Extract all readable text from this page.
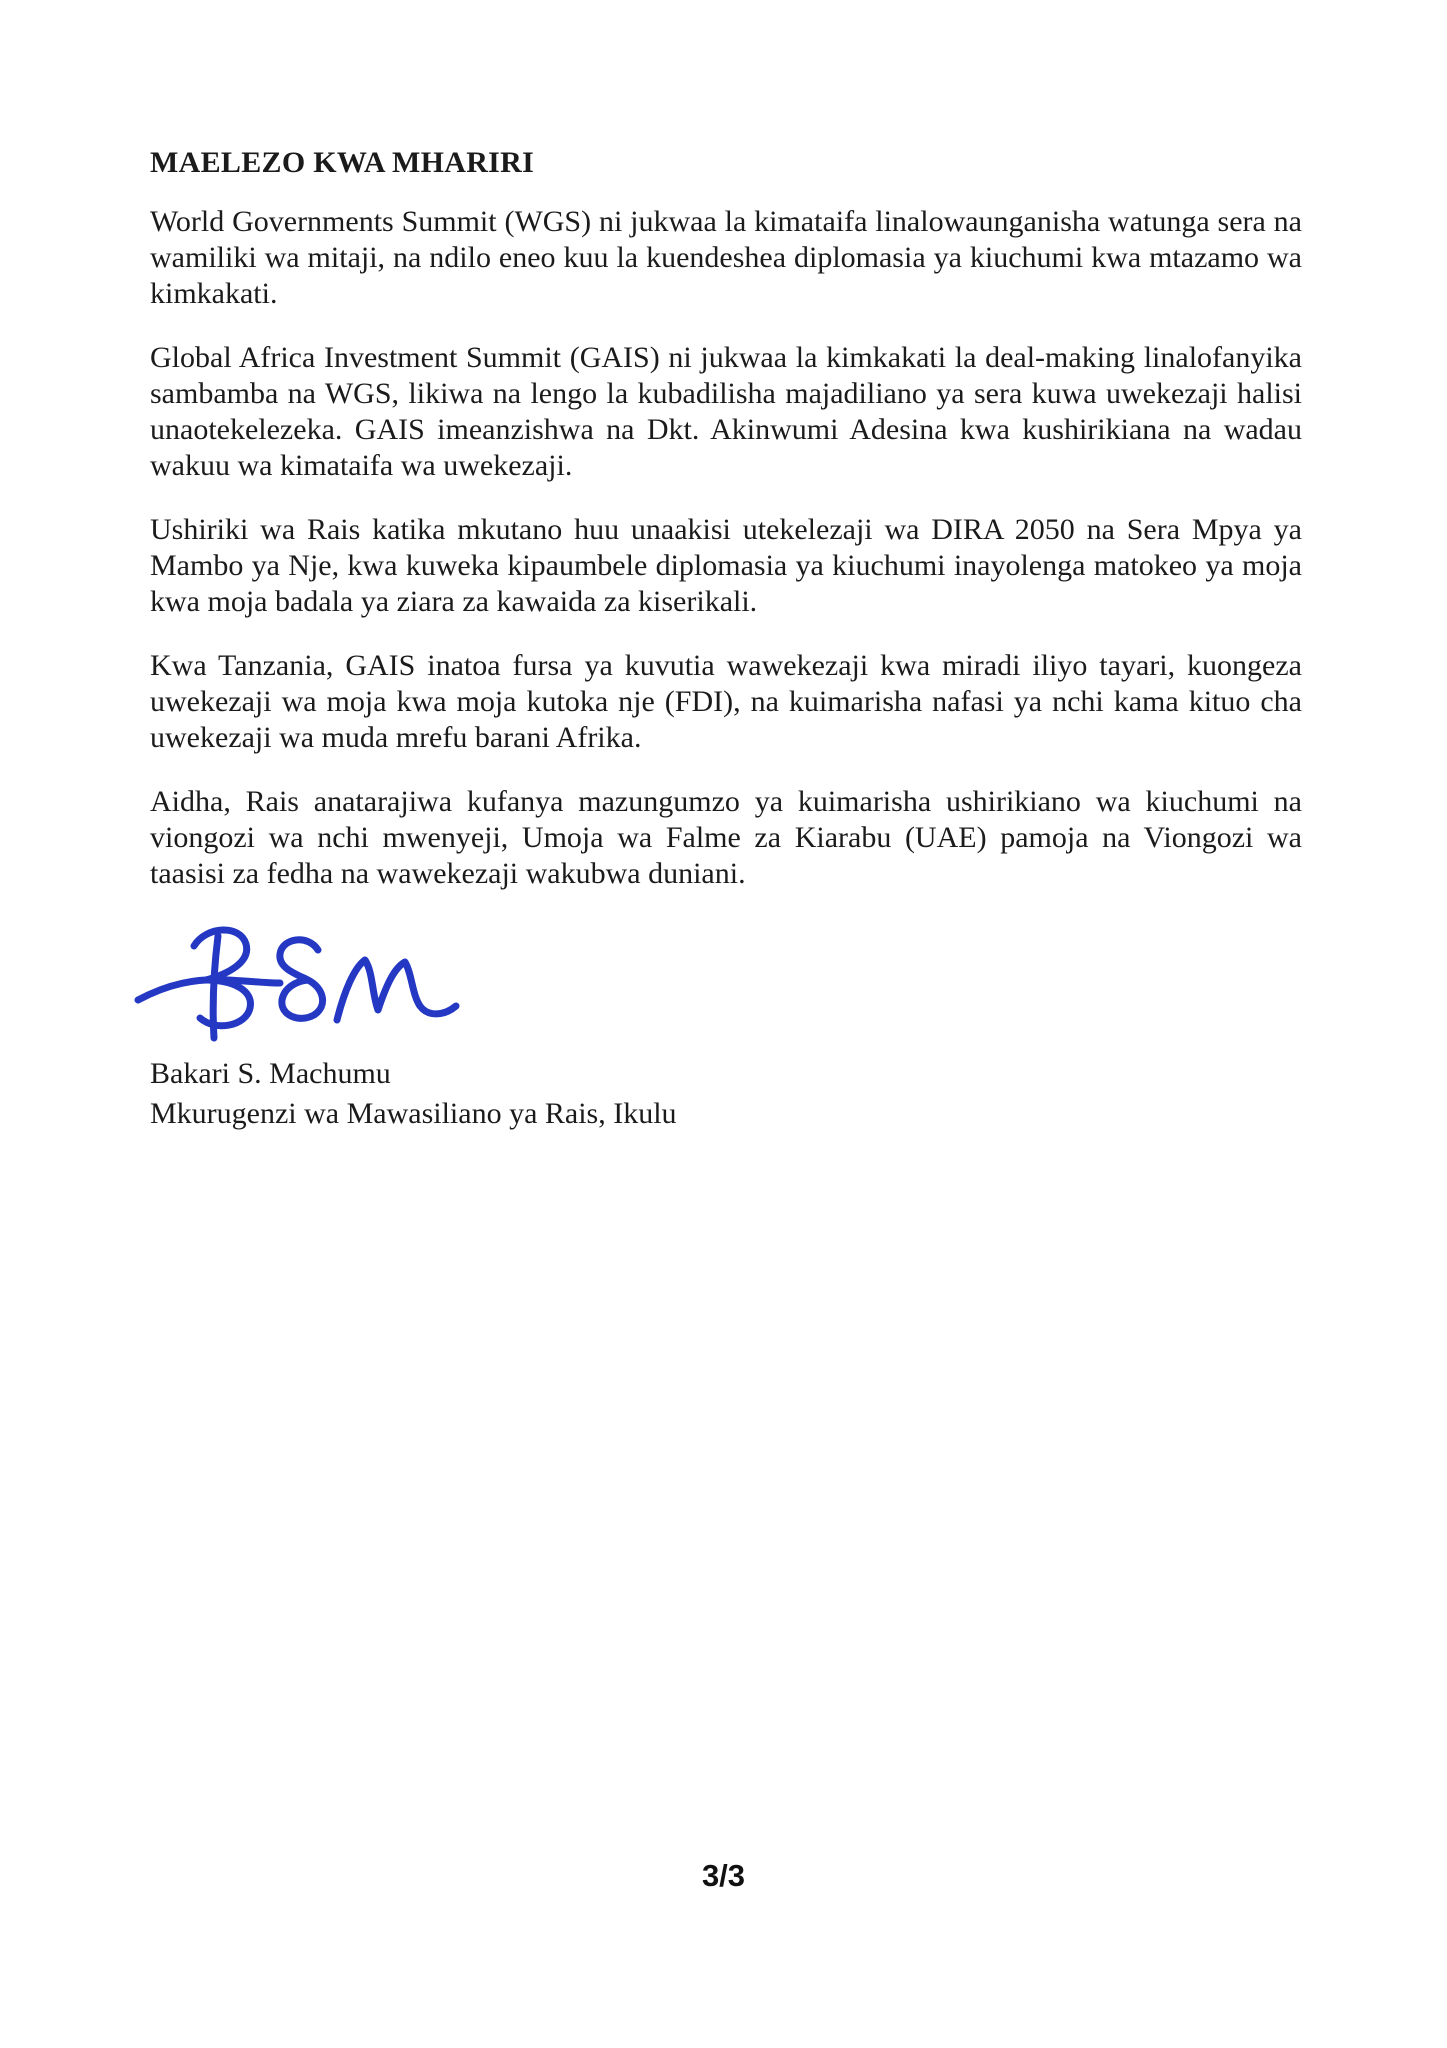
MAELEZO KWA MHARIRI

World Governments Summit (WGS) ni jukwaa la kimataifa linalowaunganisha watunga sera na wamiliki wa mitaji, na ndilo eneo kuu la kuendeshea diplomasia ya kiuchumi kwa mtazamo wa kimkakati.

Global Africa Investment Summit (GAIS) ni jukwaa la kimkakati la deal-making linalofanyika sambamba na WGS, likiwa na lengo la kubadilisha majadiliano ya sera kuwa uwekezaji halisi unaotekelezeka. GAIS imeanzishwa na Dkt. Akinwumi Adesina kwa kushirikiana na wadau wakuu wa kimataifa wa uwekezaji.

Ushiriki wa Rais katika mkutano huu unaakisi utekelezaji wa DIRA 2050 na Sera Mpya ya Mambo ya Nje, kwa kuweka kipaumbele diplomasia ya kiuchumi inayolenga matokeo ya moja kwa moja badala ya ziara za kawaida za kiserikali.

Kwa Tanzania, GAIS inatoa fursa ya kuvutia wawekezaji kwa miradi iliyo tayari, kuongeza uwekezaji wa moja kwa moja kutoka nje (FDI), na kuimarisha nafasi ya nchi kama kituo cha uwekezaji wa muda mrefu barani Afrika.

Aidha, Rais anatarajiwa kufanya mazungumzo ya kuimarisha ushirikiano wa kiuchumi na viongozi wa nchi mwenyeji, Umoja wa Falme za Kiarabu (UAE) pamoja na Viongozi wa taasisi za fedha na wawekezaji wakubwa duniani.

Bakari S. Machumu
Mkurugenzi wa Mawasiliano ya Rais, Ikulu
3/3
